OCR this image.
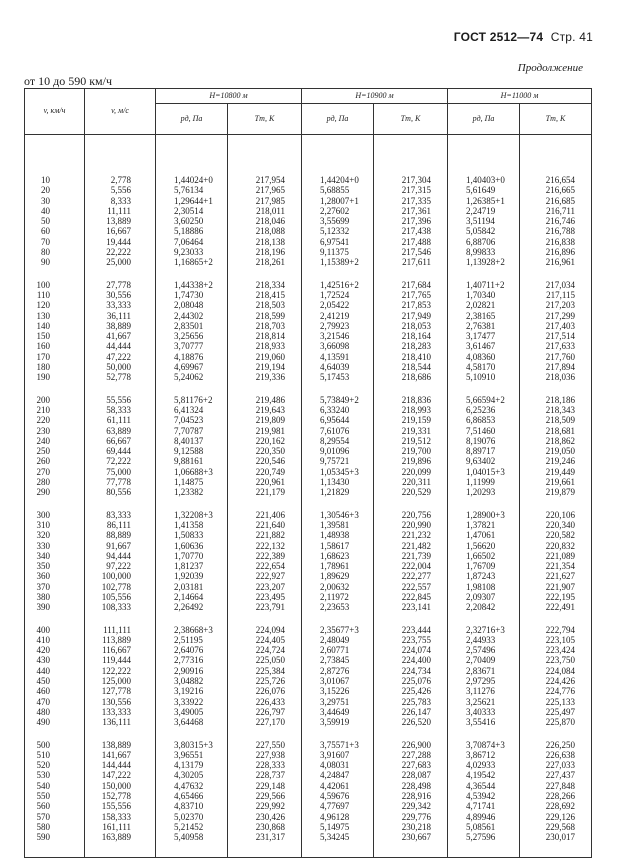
ГОСТ 2512—74 Стр. 41
Продолжение
от 10 до 590 км/ч
v, км/ч	v, м/с	H=10800 м		H=10900 м		H=11000 м	
		pд, Па	Tт, К	pд, Па	Tт, К	pд, Па	Tт, К
10	2,778	1,44024+0	217,954	1,44204+0	217,304	1,40403+0	216,654
20	5,556	5,76134	217,965	5,68855	217,315	5,61649	216,665
30	8,333	1,29644+1	217,985	1,28007+1	217,335	1,26385+1	216,685
40	11,111	2,30514	218,011	2,27602	217,361	2,24719	216,711
50	13,889	3,60250	218,046	3,55699	217,396	3,51194	216,746
60	16,667	5,18886	218,088	5,12332	217,438	5,05842	216,788
70	19,444	7,06464	218,138	6,97541	217,488	6,88706	216,838
80	22,222	9,23033	218,196	9,11375	217,546	8,99833	216,896
90	25,000	1,16865+2	218,261	1,15389+2	217,611	1,13928+2	216,961

100	27,778	1,44338+2	218,334	1,42516+2	217,684	1,40711+2	217,034
110	30,556	1,74730	218,415	1,72524	217,765	1,70340	217,115
120	33,333	2,08048	218,503	2,05422	217,853	2,02821	217,203
130	36,111	2,44302	218,599	2,41219	217,949	2,38165	217,299
140	38,889	2,83501	218,703	2,79923	218,053	2,76381	217,403
150	41,667	3,25656	218,814	3,21546	218,164	3,17477	217,514
160	44,444	3,70777	218,933	3,66098	218,283	3,61467	217,633
170	47,222	4,18876	219,060	4,13591	218,410	4,08360	217,760
180	50,000	4,69967	219,194	4,64039	218,544	4,58170	217,894
190	52,778	5,24062	219,336	5,17453	218,686	5,10910	218,036

200	55,556	5,81176+2	219,486	5,73849+2	218,836	5,66594+2	218,186
210	58,333	6,41324	219,643	6,33240	218,993	6,25236	218,343
220	61,111	7,04523	219,809	6,95644	219,159	6,86853	218,509
230	63,889	7,70787	219,981	7,61076	219,331	7,51460	218,681
240	66,667	8,40137	220,162	8,29554	219,512	8,19076	218,862
250	69,444	9,12588	220,350	9,01096	219,700	8,89717	219,050
260	72,222	9,88161	220,546	9,75721	219,896	9,63402	219,246
270	75,000	1,06688+3	220,749	1,05345+3	220,099	1,04015+3	219,449
280	77,778	1,14875	220,961	1,13430	220,311	1,11999	219,661
290	80,556	1,23382	221,179	1,21829	220,529	1,20293	219,879

300	83,333	1,32208+3	221,406	1,30546+3	220,756	1,28900+3	220,106
310	86,111	1,41358	221,640	1,39581	220,990	1,37821	220,340
320	88,889	1,50833	221,882	1,48938	221,232	1,47061	220,582
330	91,667	1,60636	222,132	1,58617	221,482	1,56620	220,832
340	94,444	1,70770	222,389	1,68623	221,739	1,66502	221,089
350	97,222	1,81237	222,654	1,78961	222,004	1,76709	221,354
360	100,000	1,92039	222,927	1,89629	222,277	1,87243	221,627
370	102,778	2,03181	223,207	2,00632	222,557	1,98108	221,907
380	105,556	2,14664	223,495	2,11972	222,845	2,09307	222,195
390	108,333	2,26492	223,791	2,23653	223,141	2,20842	222,491

400	111,111	2,38668+3	224,094	2,35677+3	223,444	2,32716+3	222,794
410	113,889	2,51195	224,405	2,48049	223,755	2,44933	223,105
420	116,667	2,64076	224,724	2,60771	224,074	2,57496	223,424
430	119,444	2,77316	225,050	2,73845	224,400	2,70409	223,750
440	122,222	2,90916	225,384	2,87276	224,734	2,83671	224,084
450	125,000	3,04882	225,726	3,01067	225,076	2,97295	224,426
460	127,778	3,19216	226,076	3,15226	225,426	3,11276	224,776
470	130,556	3,33922	226,433	3,29751	225,783	3,25621	225,133
480	133,333	3,49005	226,797	3,44649	226,147	3,40333	225,497
490	136,111	3,64468	227,170	3,59919	226,520	3,55416	225,870

500	138,889	3,80315+3	227,550	3,75571+3	226,900	3,70874+3	226,250
510	141,667	3,96551	227,938	3,91607	227,288	3,86712	226,638
520	144,444	4,13179	228,333	4,08031	227,683	4,02933	227,033
530	147,222	4,30205	228,737	4,24847	228,087	4,19542	227,437
540	150,000	4,47632	229,148	4,42061	228,498	4,36544	227,848
550	152,778	4,65466	229,566	4,59676	228,916	4,53942	228,266
560	155,556	4,83710	229,992	4,77697	229,342	4,71741	228,692
570	158,333	5,02370	230,426	4,96128	229,776	4,89946	229,126
580	161,111	5,21452	230,868	5,14975	230,218	5,08561	229,568
590	163,889	5,40958	231,317	5,34245	230,667	5,27596	230,017
